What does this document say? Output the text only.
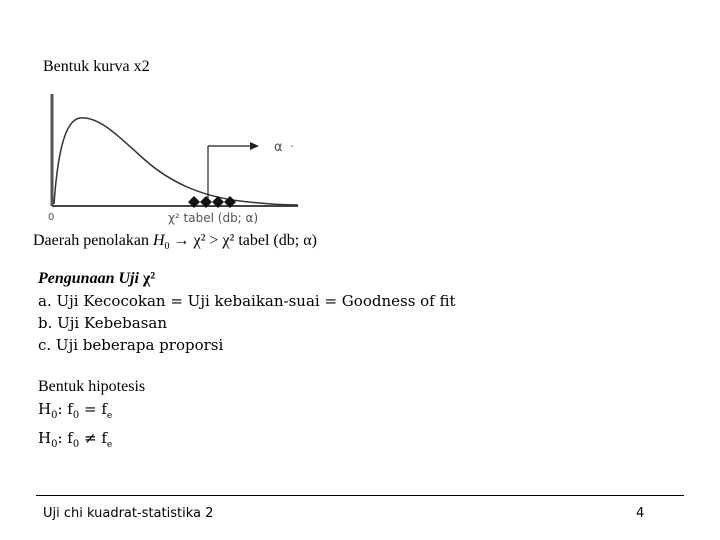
Bentuk kurva x2
α ·
0	χ² tabel (db; α)
Daerah penolakan $H_0 \to \chi^2 > \chi^2$ tabel (db; α)
Pengunaan Uji χ²
a. Uji Kecocokan = Uji kebaikan-suai = Goodness of fit
b. Uji Kebebasan
c. Uji beberapa proporsi
Bentuk hipotesis
$H_0$: $f_0 = f_e$
$H_0$: $f_0 \ne f_e$
Uji chi kuadrat-statistika 2	4
